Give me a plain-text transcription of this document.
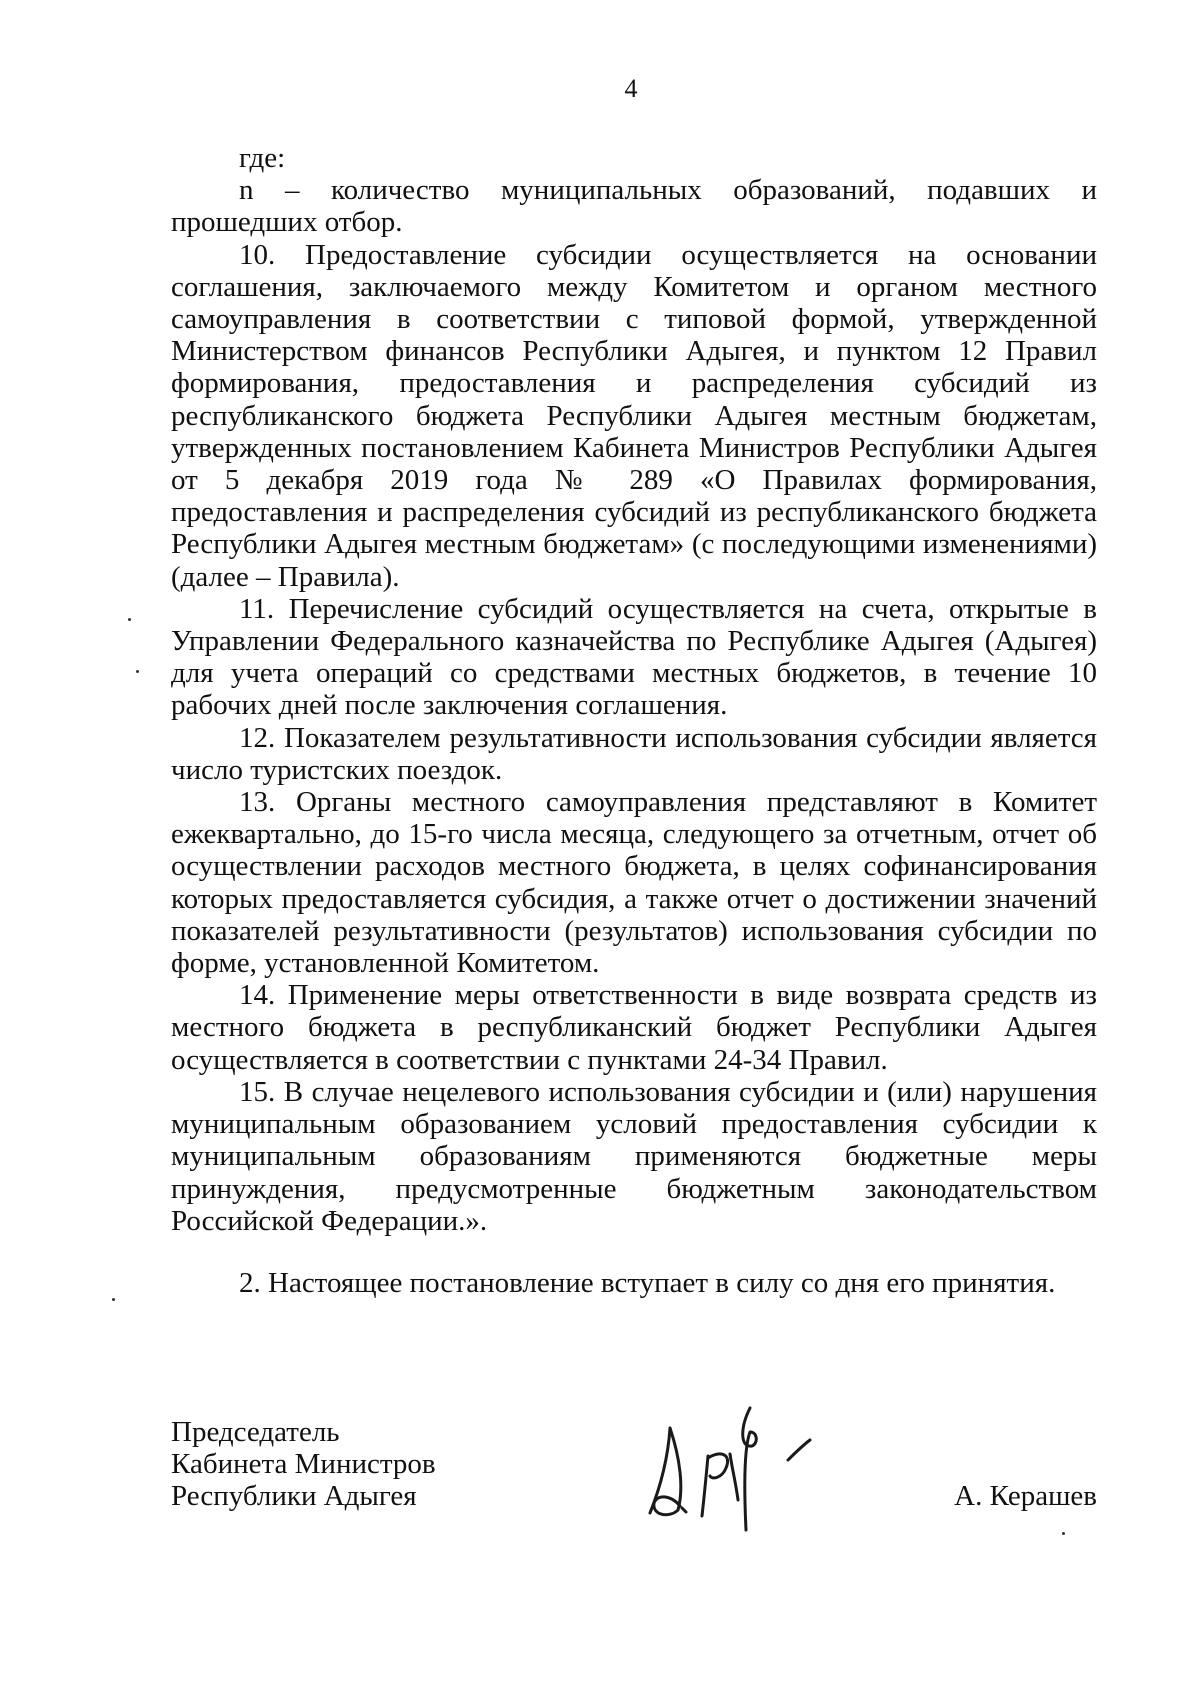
4

где:

n – количество муниципальных образований, подавших и прошедших отбор.

10. Предоставление субсидии осуществляется на основании соглашения, заключаемого между Комитетом и органом местного самоуправления в соответствии с типовой формой, утвержденной Министерством финансов Республики Адыгея, и пунктом 12 Правил формирования, предоставления и распределения субсидий из республиканского бюджета Республики Адыгея местным бюджетам, утвержденных постановлением Кабинета Министров Республики Адыгея от 5 декабря 2019 года № 289 «О Правилах формирования, предоставления и распределения субсидий из республиканского бюджета Республики Адыгея местным бюджетам» (с последующими изменениями) (далее – Правила).

11. Перечисление субсидий осуществляется на счета, открытые в Управлении Федерального казначейства по Республике Адыгея (Адыгея) для учета операций со средствами местных бюджетов, в течение 10 рабочих дней после заключения соглашения.

12. Показателем результативности использования субсидии является число туристских поездок.

13. Органы местного самоуправления представляют в Комитет ежеквартально, до 15-го числа месяца, следующего за отчетным, отчет об осуществлении расходов местного бюджета, в целях софинансирования которых предоставляется субсидия, а также отчет о достижении значений показателей результативности (результатов) использования субсидии по форме, установленной Комитетом.

14. Применение меры ответственности в виде возврата средств из местного бюджета в республиканский бюджет Республики Адыгея осуществляется в соответствии с пунктами 24-34 Правил.

15. В случае нецелевого использования субсидии и (или) нарушения муниципальным образованием условий предоставления субсидии к муниципальным образованиям применяются бюджетные меры принуждения, предусмотренные бюджетным законодательством Российской Федерации.».

2. Настоящее постановление вступает в силу со дня его принятия.

Председатель
Кабинета Министров
Республики Адыгея	А. Керашев
